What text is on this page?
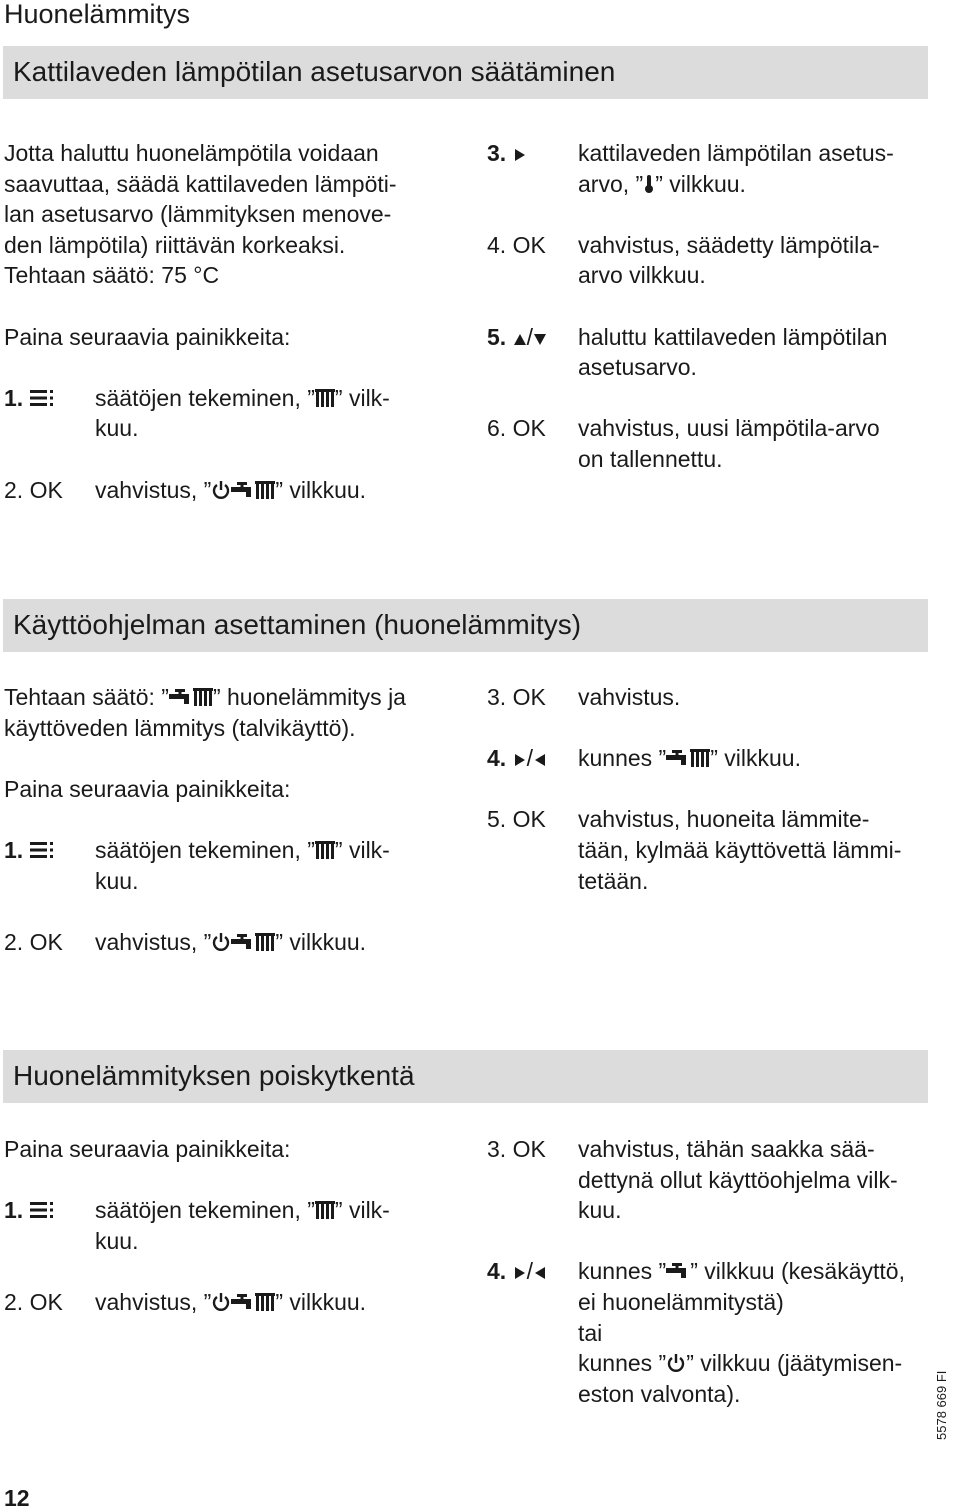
Huonelämmitys
Kattilaveden lämpötilan asetusarvon säätäminen

Jotta haluttu huonelämpötila voidaan

saavuttaa, säädä kattilaveden lämpöti-

lan asetusarvo (lämmityksen menove-

den lämpötila) riittävän korkeaksi.

Tehtaan säätö: 75 °C

Paina seuraavia painikkeita:

1.	säätöjen tekeminen, ” ” vilk-

kuu.

2. OK vahvistus, ”	” vilkkuu.

3.	kattilaveden lämpötilan asetus-

arvo, ” ” vilkkuu.

4. OK vahvistus, säädetty lämpötila-

arvo vilkkuu.

5. /	haluttu kattilaveden lämpötilan

asetusarvo.

6. OK vahvistus, uusi lämpötila-arvo

on tallennettu.

Käyttöohjelman asettaminen (huonelämmitys)

Tehtaan säätö: ” ” huonelämmitys ja

käyttöveden lämmitys (talvikäyttö).

Paina seuraavia painikkeita:

1.	säätöjen tekeminen, ” ” vilk-

kuu.

2. OK vahvistus, ”	” vilkkuu.

3. OK vahvistus.

4. /	kunnes ” ” vilkkuu.

5. OK vahvistus, huoneita lämmite-

tään, kylmää käyttövettä lämmi-

tetään.

Huonelämmityksen poiskytkentä

Paina seuraavia painikkeita:

1.	säätöjen tekeminen, ” ” vilk-

kuu.

2. OK vahvistus, ”	” vilkkuu.

3. OK vahvistus, tähän saakka sää-

dettynä ollut käyttöohjelma vilk-

kuu.

4. /	kunnes ” ” vilkkuu (kesäkäyttö,

ei huonelämmitystä)

tai

kunnes ” ” vilkkuu (jäätymisen-

eston valvonta).	5578 669 FI
12
